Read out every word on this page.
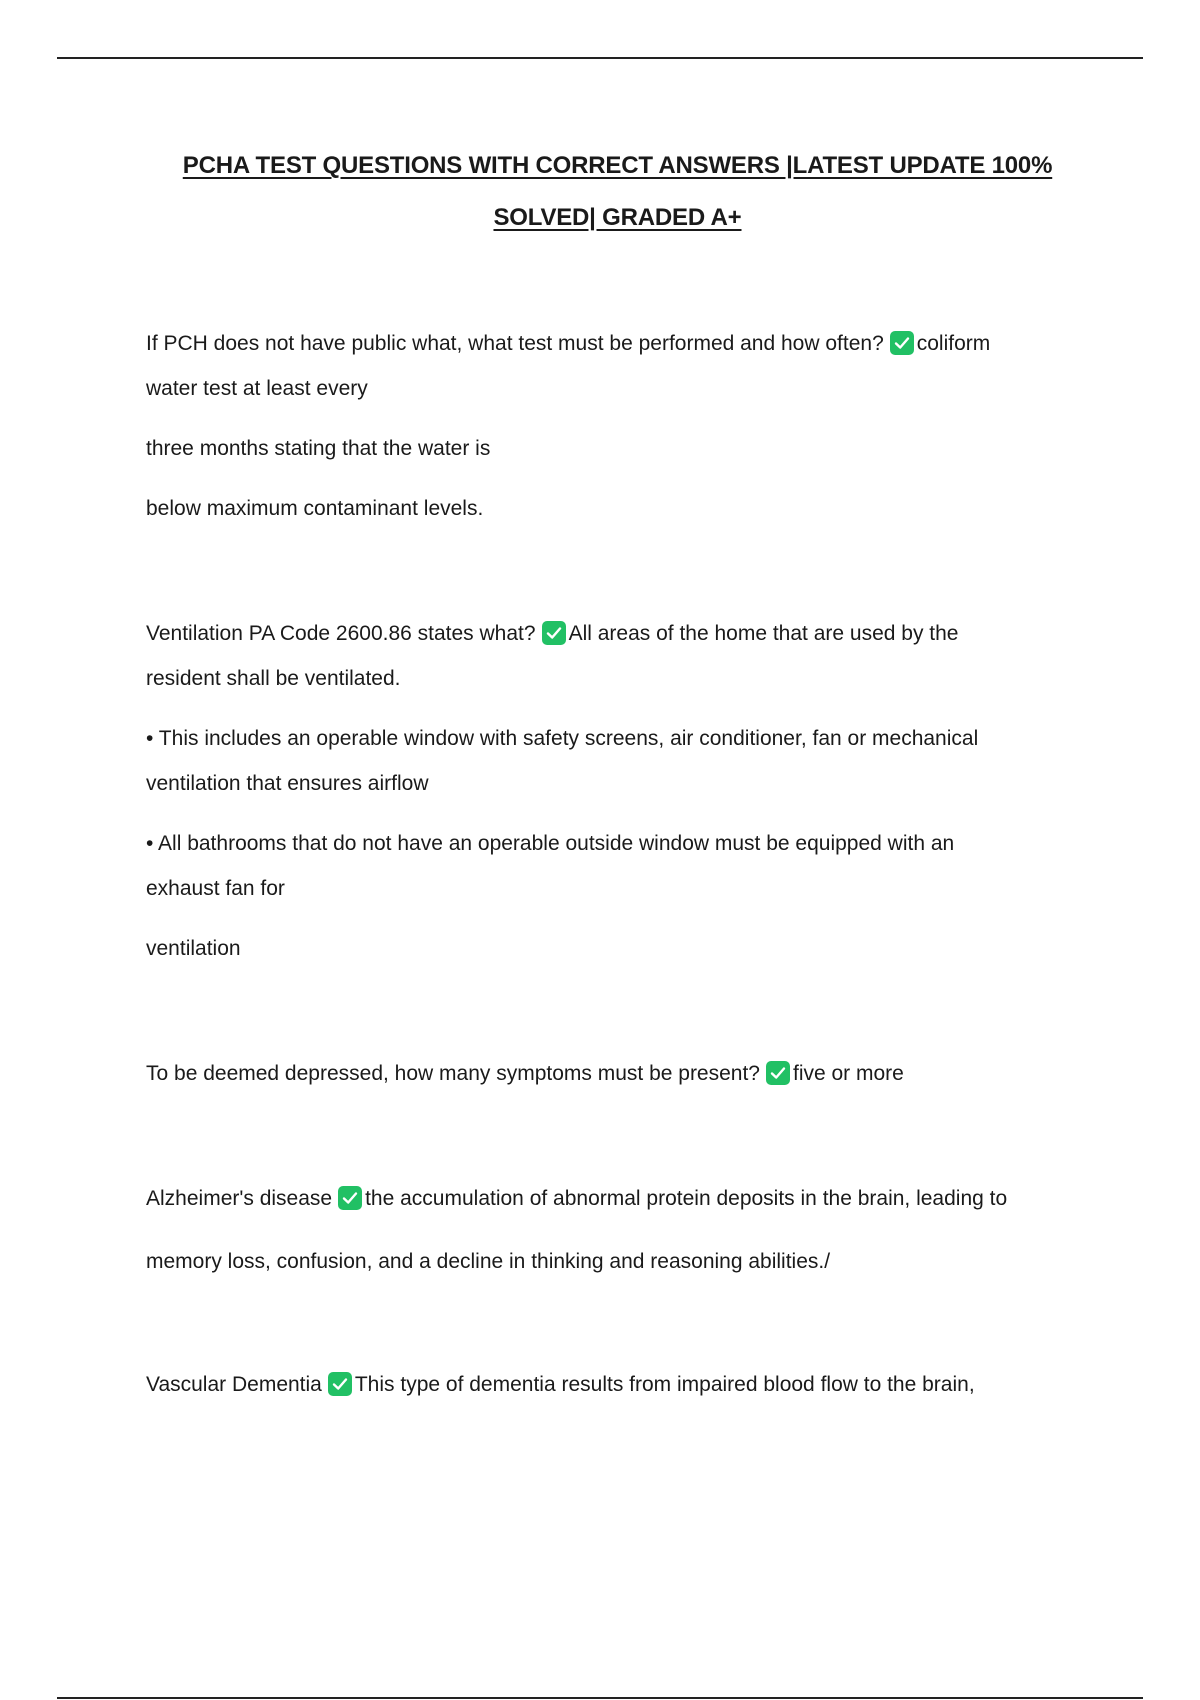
PCHA TEST QUESTIONS WITH CORRECT ANSWERS |LATEST UPDATE 100%
SOLVED| GRADED A+
If PCH does not have public what, what test must be performed and how often? coliform
water test at least every
three months stating that the water is
below maximum contaminant levels.
Ventilation PA Code 2600.86 states what? All areas of the home that are used by the
resident shall be ventilated.
• This includes an operable window with safety screens, air conditioner, fan or mechanical
ventilation that ensures airflow
• All bathrooms that do not have an operable outside window must be equipped with an
exhaust fan for
ventilation
To be deemed depressed, how many symptoms must be present? five or more
Alzheimer's disease the accumulation of abnormal protein deposits in the brain, leading to
memory loss, confusion, and a decline in thinking and reasoning abilities./
Vascular Dementia This type of dementia results from impaired blood flow to the brain,
